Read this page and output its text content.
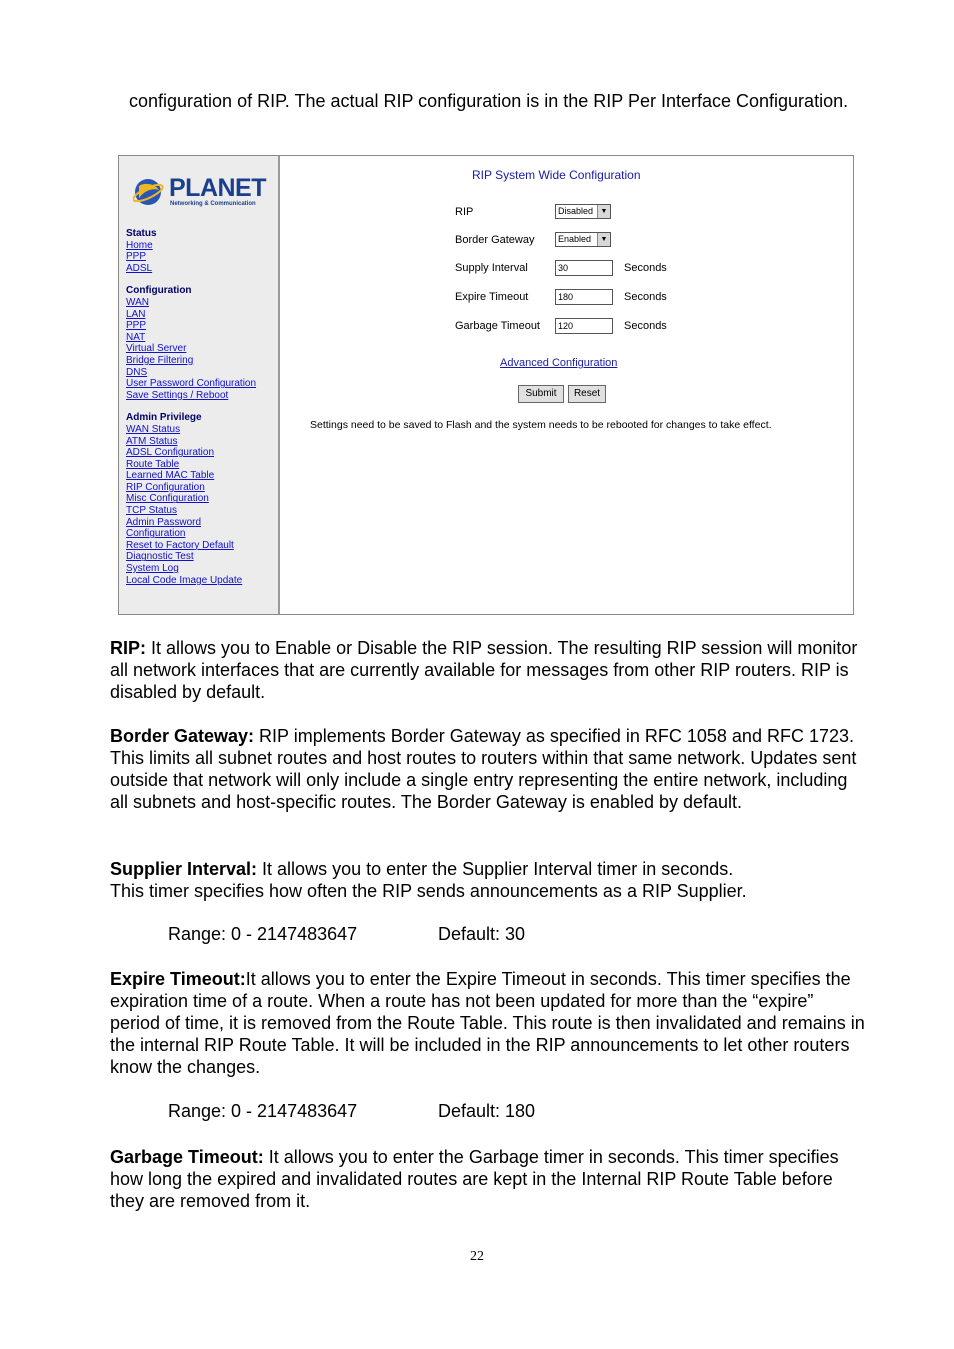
configuration of RIP. The actual RIP configuration is in the RIP Per Interface Configuration.
PLANET
Networking & Communication
Status
Home
PPP
ADSL
Configuration
WAN
LAN
PPP
NAT
Virtual Server
Bridge Filtering
DNS
User Password Configuration
Save Settings / Reboot
Admin Privilege
WAN Status
ATM Status
ADSL Configuration
Route Table
Learned MAC Table
RIP Configuration
Misc Configuration
TCP Status
Admin Password
Configuration
Reset to Factory Default
Diagnostic Test
System Log
Local Code Image Update
RIP System Wide Configuration
RIP	Disabled	▼
Border Gateway	Enabled	▼
Supply Interval	30	Seconds
Expire Timeout	180	Seconds
Garbage Timeout	120	Seconds
Advanced Configuration
Submit	Reset
Settings need to be saved to Flash and the system needs to be rebooted for changes to take effect.

RIP: It allows you to Enable or Disable the RIP session. The resulting RIP session will monitor all network interfaces that are currently available for messages from other RIP routers. RIP is disabled by default.

Border Gateway: RIP implements Border Gateway as specified in RFC 1058 and RFC 1723. This limits all subnet routes and host routes to routers within that same network. Updates sent outside that network will only include a single entry representing the entire network, including all subnets and host-specific routes. The Border Gateway is enabled by default.

Supplier Interval: It allows you to enter the Supplier Interval timer in seconds.

This timer specifies how often the RIP sends announcements as a RIP Supplier.

Range: 0 - 2147483647	Default: 30

Expire Timeout:It allows you to enter the Expire Timeout in seconds. This timer specifies the expiration time of a route. When a route has not been updated for more than the “expire” period of time, it is removed from the Route Table. This route is then invalidated and remains in the internal RIP Route Table. It will be included in the RIP announcements to let other routers know the changes.

Range: 0 - 2147483647	Default: 180

Garbage Timeout: It allows you to enter the Garbage timer in seconds. This timer specifies how long the expired and invalidated routes are kept in the Internal RIP Route Table before they are removed from it.

22
